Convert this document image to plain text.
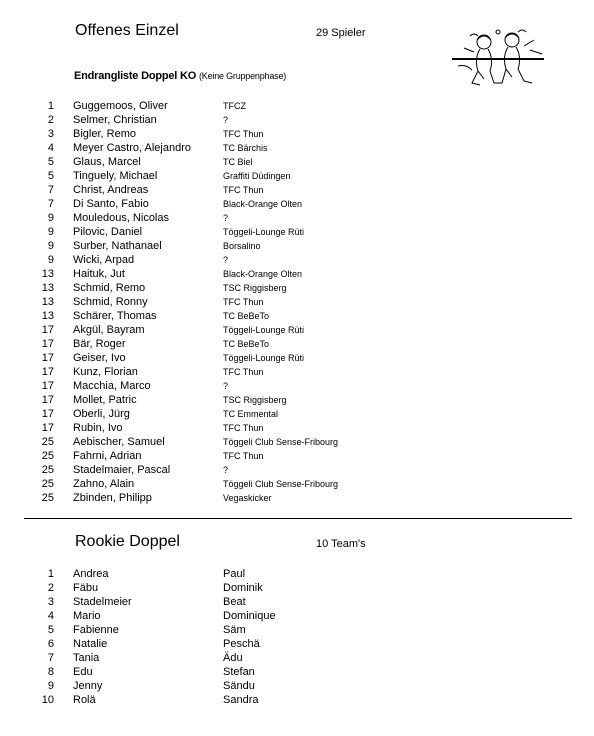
Offenes Einzel	29 Spieler
Endrangliste Doppel KO (Keine Gruppenphase)
1 Guggemoos, Oliver	TFCZ
2 Selmer, Christian	?
3 Bigler, Remo	TFC Thun
4 Meyer Castro, Alejandro	TC Bärchis
5 Glaus, Marcel	TC Biel
5 Tinguely, Michael	Graffiti Düdingen
7 Christ, Andreas	TFC Thun
7 Di Santo, Fabio	Black-Orange Olten
9 Mouledous, Nicolas	?
9 Pilovic, Daniel	Töggeli-Lounge Rüti
9 Surber, Nathanael	Borsalino
9 Wicki, Arpad	?
13 Haituk, Jut	Black-Orange Olten
13 Schmid, Remo	TSC Riggisberg
13 Schmid, Ronny	TFC Thun
13 Schärer, Thomas	TC BeBeTo
17 Akgül, Bayram	Töggeli-Lounge Rüti
17 Bär, Roger	TC BeBeTo
17 Geiser, Ivo	Töggeli-Lounge Rüti
17 Kunz, Florian	TFC Thun
17 Macchia, Marco	?
17 Mollet, Patric	TSC Riggisberg
17 Oberli, Jürg	TC Emmental
17 Rubin, Ivo	TFC Thun
25 Aebischer, Samuel	Töggeli Club Sense-Fribourg
25 Fahrni, Adrian	TFC Thun
25 Stadelmaier, Pascal	?
25 Zahno, Alain	Töggeli Club Sense-Fribourg
25 Zbinden, Philipp	Vegaskicker
Rookie Doppel	10 Team's
1 Andrea	Paul
2 Fäbu	Dominik
3 Stadelmeier	Beat
4 Mario	Dominique
5 Fabienne	Säm
6 Natalie	Peschä
7 Tania	Ädu
8 Edu	Stefan
9 Jenny	Sändu
10 Rolä	Sandra
